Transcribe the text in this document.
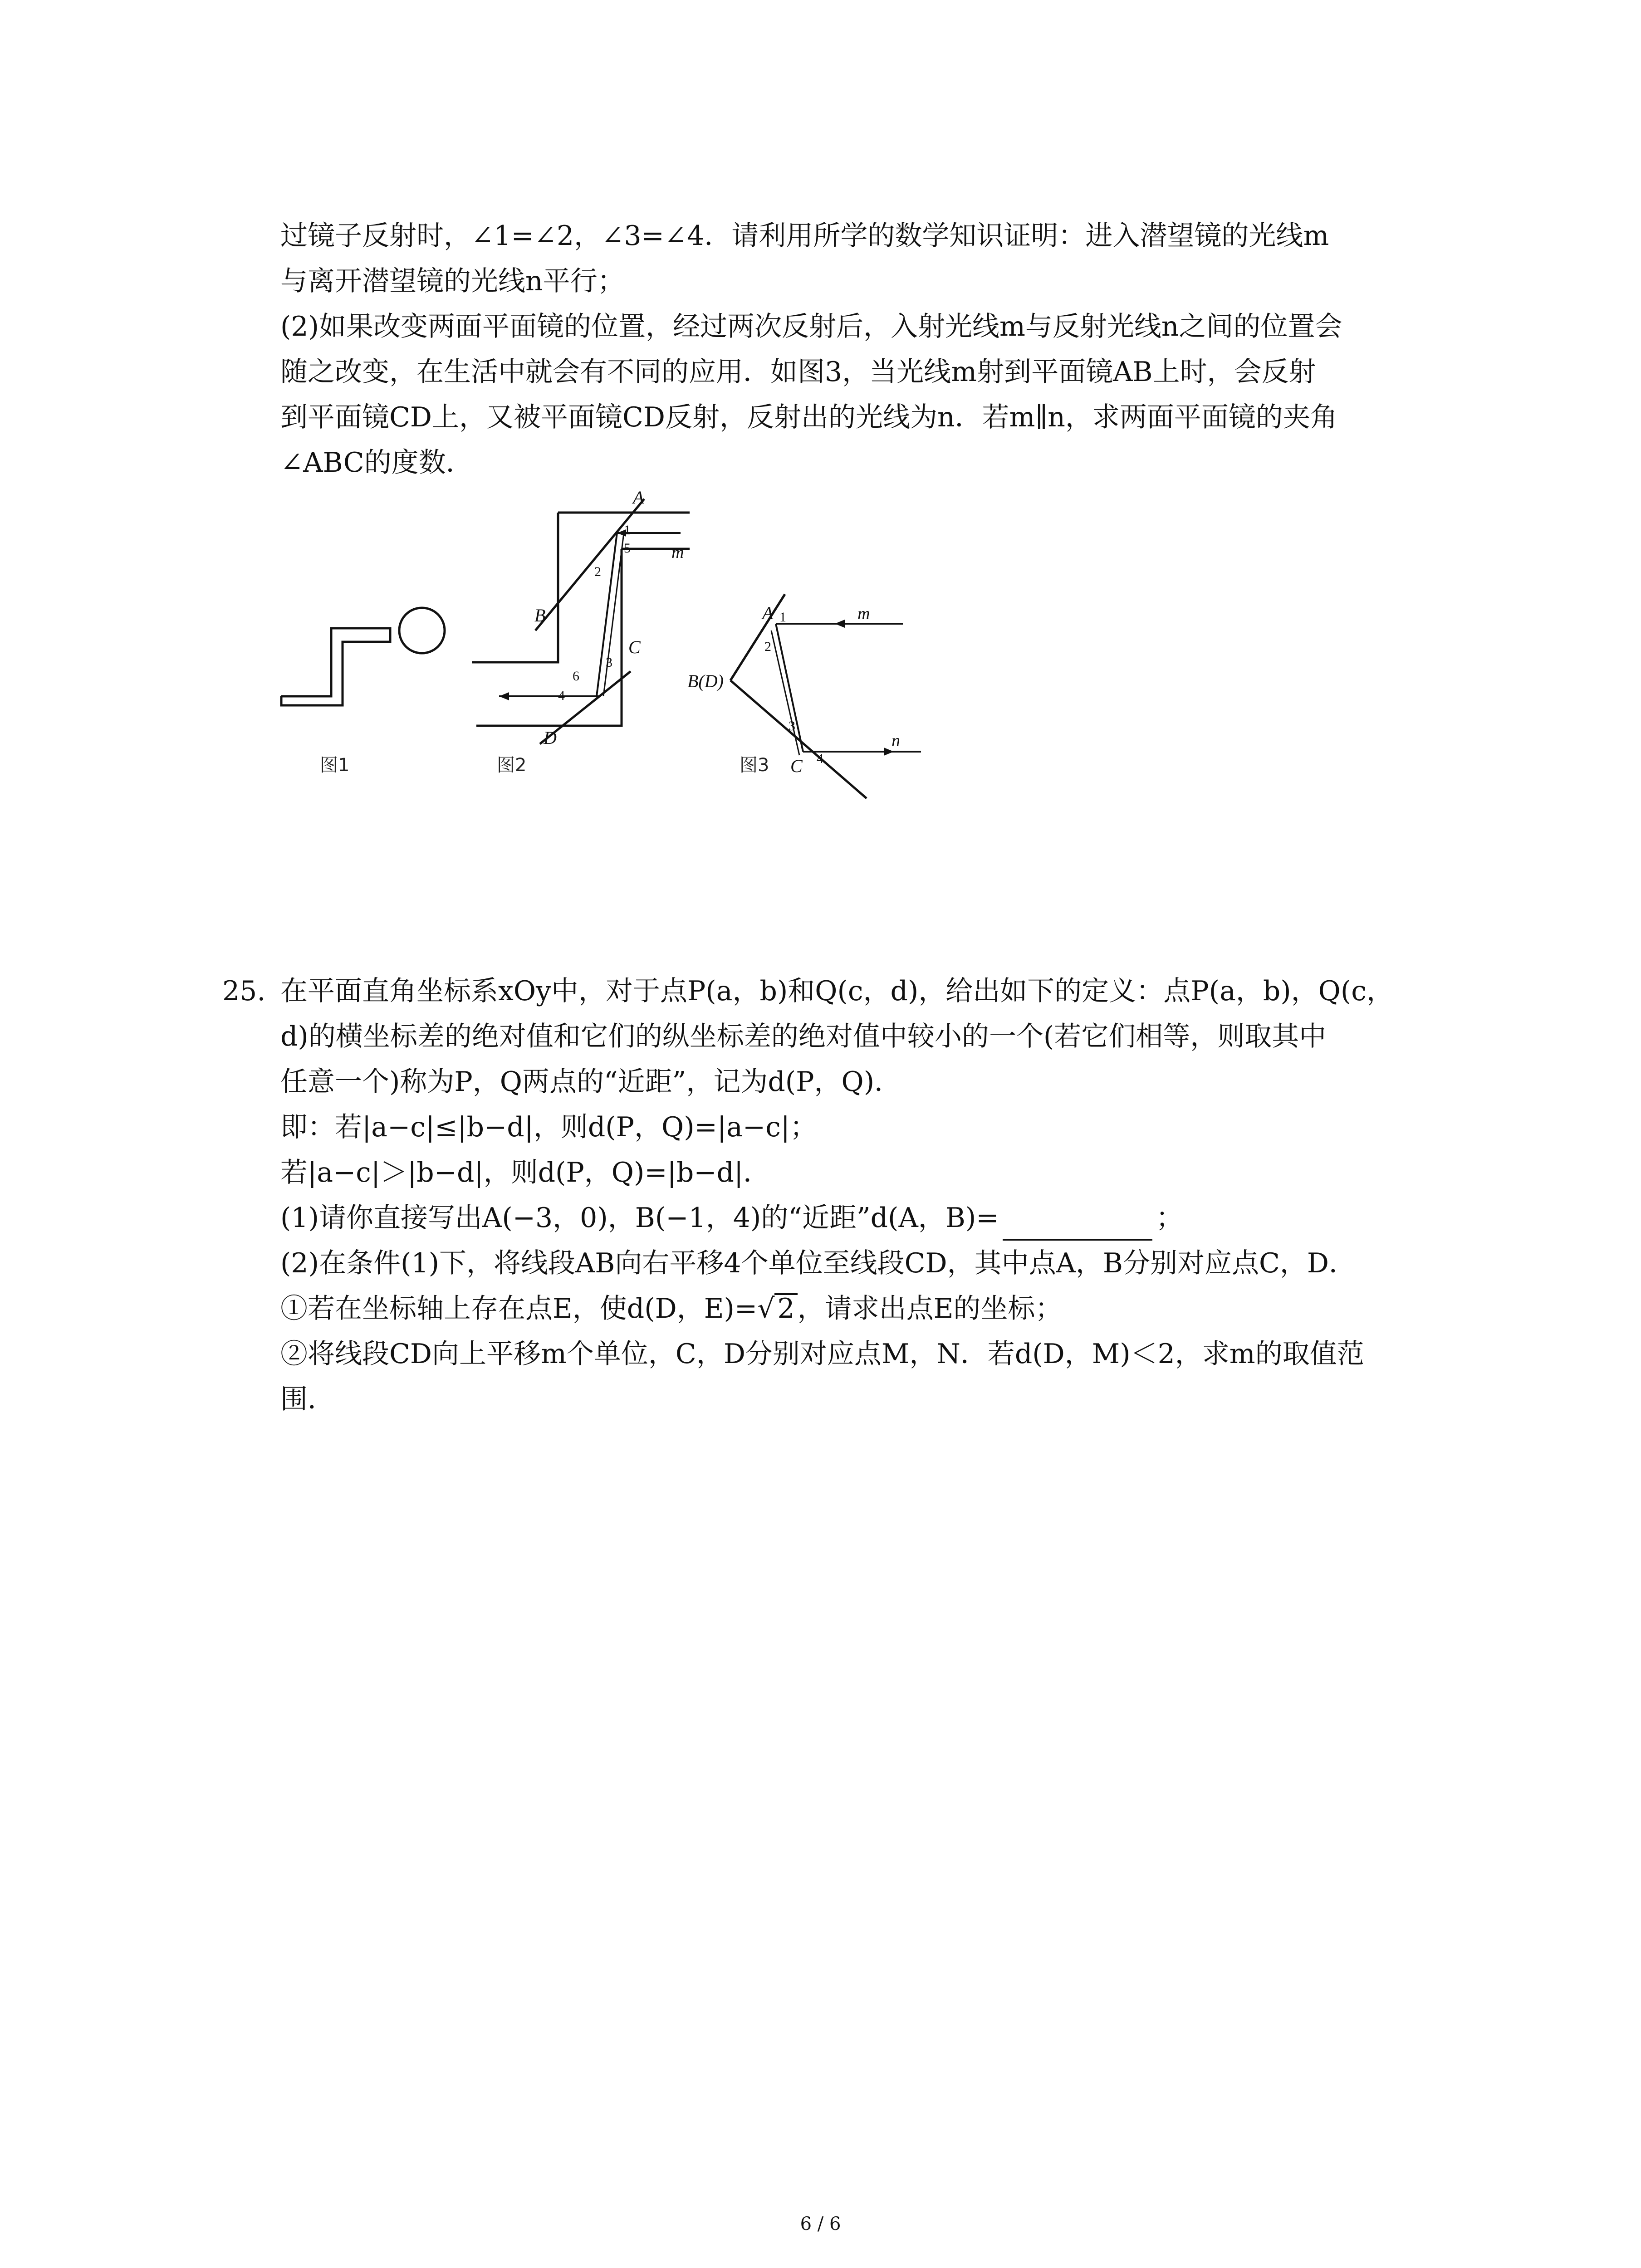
过镜子反射时，∠1=∠2，∠3=∠4．请利用所学的数学知识证明：进入潜望镜的光线m

与离开潜望镜的光线n平行；

(2)如果改变两面平面镜的位置，经过两次反射后，入射光线m与反射光线n之间的位置会

随之改变，在生活中就会有不同的应用．如图3，当光线m射到平面镜AB上时，会反射

到平面镜CD上，又被平面镜CD反射，反射出的光线为n．若m∥n，求两面平面镜的夹角

∠ABC的度数．

图1

A
B
C
D
m
1
2
3
4
5
6

图2

A
B(D)
C
m
n
1
2
3
4

图3

25. 在平面直角坐标系xOy中，对于点P(a，b)和Q(c，d)，给出如下的定义：点P(a，b)，Q(c，

d)的横坐标差的绝对值和它们的纵坐标差的绝对值中较小的一个(若它们相等，则取其中

任意一个)称为P，Q两点的“近距”，记为d(P，Q)．

即：若|a−c|≤|b−d|，则d(P，Q)=|a−c|；

若|a−c|＞|b−d|，则d(P，Q)=|b−d|．

(1)请你直接写出A(−3，0)，B(−1，4)的“近距”d(A，B)=	；

(2)在条件(1)下，将线段AB向右平移4个单位至线段CD，其中点A，B分别对应点C，D．

①若在坐标轴上存在点E，使d(D，E)=√ 2 ，请求出点E的坐标；

②将线段CD向上平移m个单位，C，D分别对应点M，N．若d(D，M)＜2，求m的取值范

围．

6 / 6
